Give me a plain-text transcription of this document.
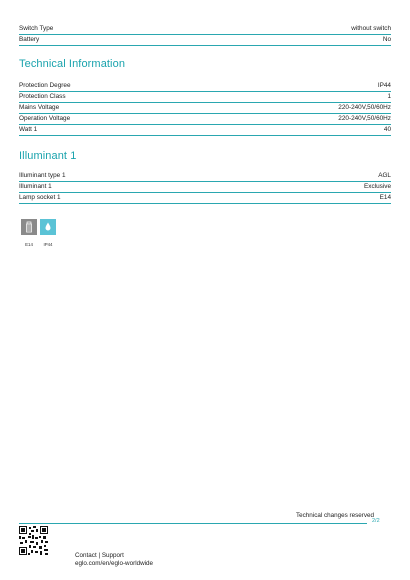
Switch Type	without switch
Battery	No
Technical Information
Protection Degree	IP44
Protection Class	1
Mains Voltage	220-240V,50/60Hz
Operation Voltage	220-240V,50/60Hz
Watt 1	40
Illuminant 1
Illuminant type 1	AGL
Illuminant 1	Exclusive
Lamp socket 1	E14
E14	IP44
Technical changes reserved
2/2
Contact | Support
eglo.com/en/eglo-worldwide
